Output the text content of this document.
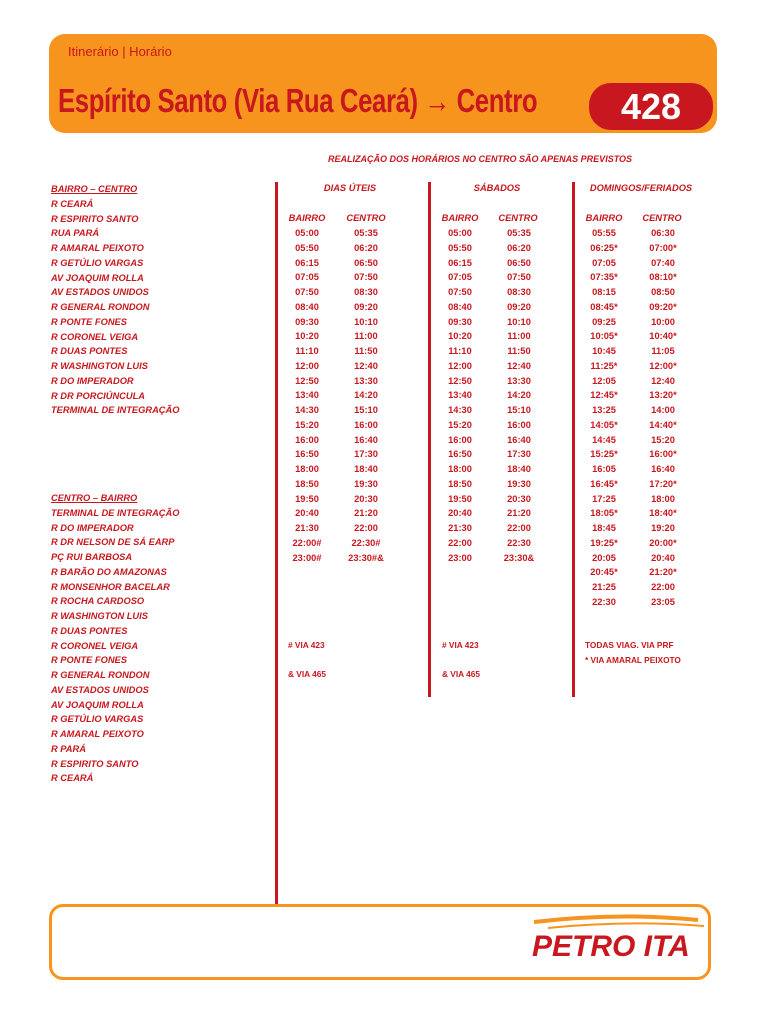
Itinerário | Horário
Espírito Santo (Via Rua Ceará) → Centro	428
REALIZAÇÃO DOS HORÁRIOS NO CENTRO SÃO APENAS PREVISTOS
BAIRRO – CENTRO
R CEARÁ
R ESPIRITO SANTO
RUA PARÁ
R AMARAL PEIXOTO
R GETÚLIO VARGAS
AV JOAQUIM ROLLA
AV ESTADOS UNIDOS
R GENERAL RONDON
R PONTE FONES
R CORONEL VEIGA
R DUAS PONTES
R WASHINGTON LUIS
R DO IMPERADOR
R DR PORCIÚNCULA
TERMINAL DE INTEGRAÇÃO
CENTRO – BAIRRO
TERMINAL DE INTEGRAÇÃO
R DO IMPERADOR
R DR NELSON DE SÁ EARP
PÇ RUI BARBOSA
R BARÃO DO AMAZONAS
R MONSENHOR BACELAR
R ROCHA CARDOSO
R WASHINGTON LUIS
R DUAS PONTES
R CORONEL VEIGA
R PONTE FONES
R GENERAL RONDON
AV ESTADOS UNIDOS
AV JOAQUIM ROLLA
R GETÚLIO VARGAS
R AMARAL PEIXOTO
R PARÁ
R ESPIRITO SANTO
R CEARÁ
DIAS ÚTEIS
BAIRRO	CENTRO
05:00	05:35
05:50	06:20
06:15	06:50
07:05	07:50
07:50	08:30
08:40	09:20
09:30	10:10
10:20	11:00
11:10	11:50
12:00	12:40
12:50	13:30
13:40	14:20
14:30	15:10
15:20	16:00
16:00	16:40
16:50	17:30
18:00	18:40
18:50	19:30
19:50	20:30
20:40	21:20
21:30	22:00
22:00#	22:30#
23:00#	23:30#&
# VIA 423
& VIA 465
SÁBADOS
BAIRRO	CENTRO
05:00	05:35
05:50	06:20
06:15	06:50
07:05	07:50
07:50	08:30
08:40	09:20
09:30	10:10
10:20	11:00
11:10	11:50
12:00	12:40
12:50	13:30
13:40	14:20
14:30	15:10
15:20	16:00
16:00	16:40
16:50	17:30
18:00	18:40
18:50	19:30
19:50	20:30
20:40	21:20
21:30	22:00
22:00	22:30
23:00	23:30&
# VIA 423
& VIA 465
DOMINGOS/FERIADOS
BAIRRO	CENTRO
05:55	06:30
06:25*	07:00*
07:05	07:40
07:35*	08:10*
08:15	08:50
08:45*	09:20*
09:25	10:00
10:05*	10:40*
10:45	11:05
11:25*	12:00*
12:05	12:40
12:45*	13:20*
13:25	14:00
14:05*	14:40*
14:45	15:20
15:25*	16:00*
16:05	16:40
16:45*	17:20*
17:25	18:00
18:05*	18:40*
18:45	19:20
19:25*	20:00*
20:05	20:40
20:45*	21:20*
21:25	22:00
22:30	23:05
TODAS VIAG. VIA PRF
* VIA AMARAL PEIXOTO
PETRO ITA
